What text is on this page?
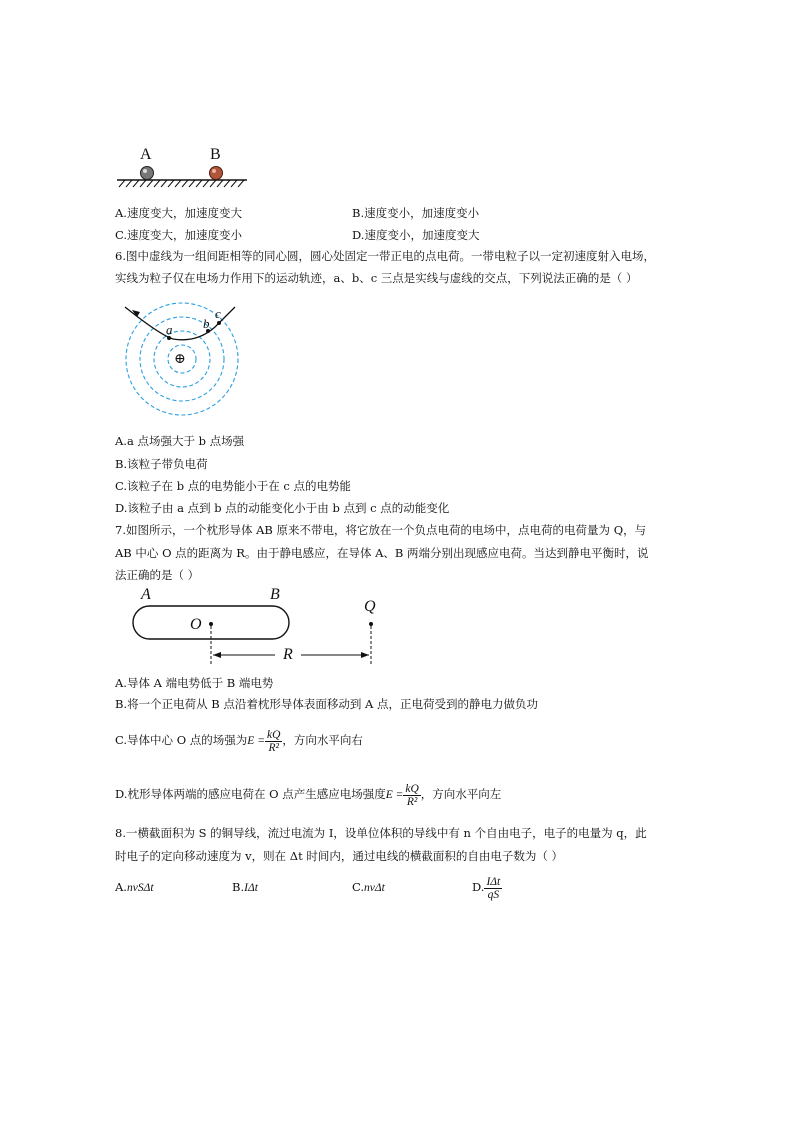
A	B
A.速度变大，加速度变大	B.速度变小，加速度变小
C.速度变大，加速度变小	D.速度变小，加速度变大
6.图中虚线为一组间距相等的同心圆，圆心处固定一带正电的点电荷。一带电粒子以一定初速度射入电场，
实线为粒子仅在电场力作用下的运动轨迹，a、b、c 三点是实线与虚线的交点，下列说法正确的是（ ）
a b
c
⊕
A.a 点场强大于 b 点场强
B.该粒子带负电荷
C.该粒子在 b 点的电势能小于在 c 点的电势能
D.该粒子由 a 点到 b 点的动能变化小于由 b 点到 c 点的动能变化
7.如图所示，一个枕形导体 AB 原来不带电，将它放在一个负点电荷的电场中，点电荷的电荷量为 Q，与
AB 中心 O 点的距离为 R。由于静电感应，在导体 A、B 两端分别出现感应电荷。当达到静电平衡时，说
法正确的是（ ）
A	B
O
Q
R
A.导体 A 端电势低于 B 端电势
B.将一个正电荷从 B 点沿着枕形导体表面移动到 A 点，正电荷受到的静电力做负功
C.导体中心 O 点的场强为$E = \frac{kQ}{\text{R²}}$ ，方向水平向右
D.枕形导体两端的感应电荷在 O 点产生感应电场强度$E = \frac{kQ}{\text{R²}}$ ，方向水平向左
8.一横截面积为 S 的铜导线，流过电流为 I，设单位体积的导线中有 n 个自由电子，电子的电量为 q，此
时电子的定向移动速度为 v，则在 Δt 时间内，通过电线的横截面积的自由电子数为（ ）
A.nvSΔt	B.IΔt	C.nvΔt	D. $\frac{\text{IΔt}}{qS}$
